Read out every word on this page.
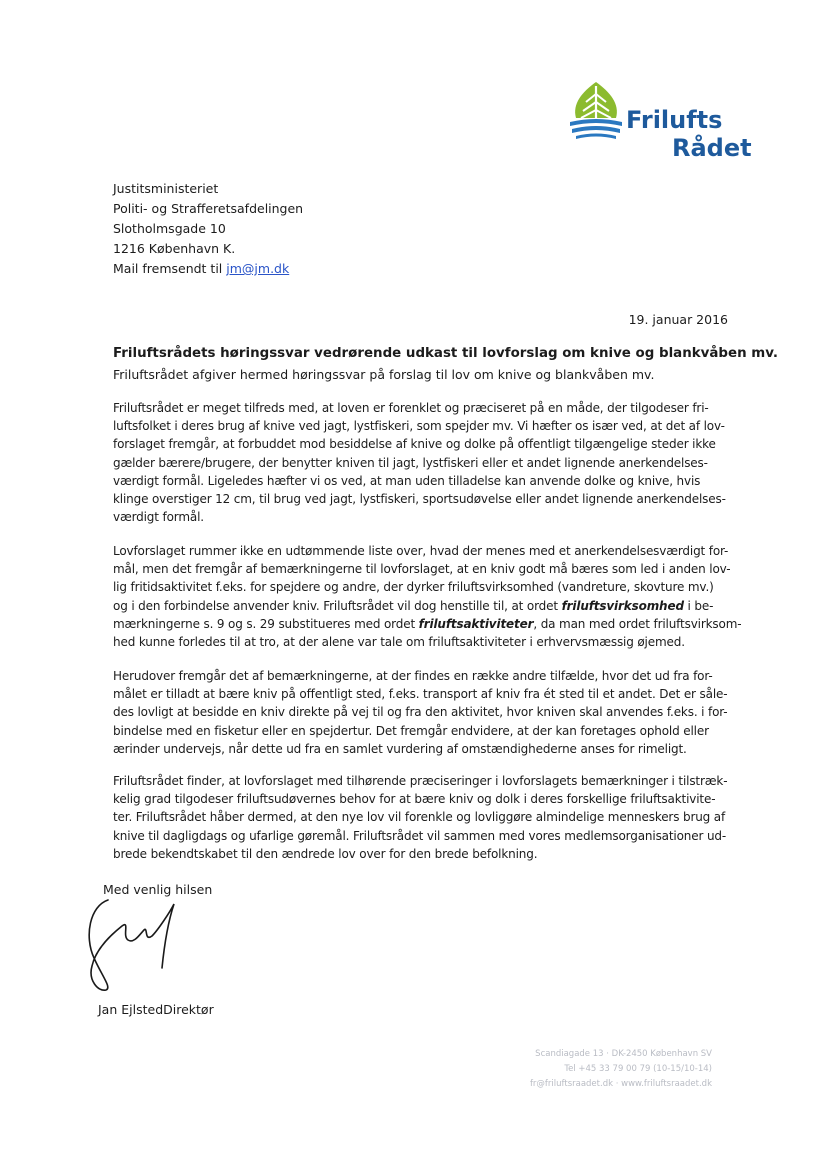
Frilufts
Rådet
Justitsministeriet
Politi- og Strafferetsafdelingen
Slotholmsgade 10
1216 København K.
Mail fremsendt til jm@jm.dk
19. januar 2016
Friluftsrådets høringssvar vedrørende udkast til lovforslag om knive og blankvåben mv.
Friluftsrådet afgiver hermed høringssvar på forslag til lov om knive og blankvåben mv.
Friluftsrådet er meget tilfreds med, at loven er forenklet og præciseret på en måde, der tilgodeser fri-
luftsfolket i deres brug af knive ved jagt, lystfiskeri, som spejder mv. Vi hæfter os især ved, at det af lov-
forslaget fremgår, at forbuddet mod besiddelse af knive og dolke på offentligt tilgængelige steder ikke
gælder bærere/brugere, der benytter kniven til jagt, lystfiskeri eller et andet lignende anerkendelses-
værdigt formål. Ligeledes hæfter vi os ved, at man uden tilladelse kan anvende dolke og knive, hvis
klinge overstiger 12 cm, til brug ved jagt, lystfiskeri, sportsudøvelse eller andet lignende anerkendelses-
værdigt formål.
Lovforslaget rummer ikke en udtømmende liste over, hvad der menes med et anerkendelsesværdigt for-
mål, men det fremgår af bemærkningerne til lovforslaget, at en kniv godt må bæres som led i anden lov-
lig fritidsaktivitet f.eks. for spejdere og andre, der dyrker friluftsvirksomhed (vandreture, skovture mv.)
og i den forbindelse anvender kniv. Friluftsrådet vil dog henstille til, at ordet friluftsvirksomhed i be-
mærkningerne s. 9 og s. 29 substitueres med ordet friluftsaktiviteter, da man med ordet friluftsvirksom-
hed kunne forledes til at tro, at der alene var tale om friluftsaktiviteter i erhvervsmæssig øjemed.
Herudover fremgår det af bemærkningerne, at der findes en række andre tilfælde, hvor det ud fra for-
målet er tilladt at bære kniv på offentligt sted, f.eks. transport af kniv fra ét sted til et andet. Det er såle-
des lovligt at besidde en kniv direkte på vej til og fra den aktivitet, hvor kniven skal anvendes f.eks. i for-
bindelse med en fisketur eller en spejdertur. Det fremgår endvidere, at der kan foretages ophold eller
ærinder undervejs, når dette ud fra en samlet vurdering af omstændighederne anses for rimeligt.
Friluftsrådet finder, at lovforslaget med tilhørende præciseringer i lovforslagets bemærkninger i tilstræk-
kelig grad tilgodeser friluftsudøvernes behov for at bære kniv og dolk i deres forskellige friluftsaktivite-
ter. Friluftsrådet håber dermed, at den nye lov vil forenkle og lovliggøre almindelige menneskers brug af
knive til dagligdags og ufarlige gøremål. Friluftsrådet vil sammen med vores medlemsorganisationer ud-
brede bekendtskabet til den ændrede lov over for den brede befolkning.
Med venlig hilsen
Jan EjlstedDirektør
Scandiagade 13 · DK-2450 København SV
Tel +45 33 79 00 79 (10-15/10-14)
fr@friluftsraadet.dk · www.friluftsraadet.dk
